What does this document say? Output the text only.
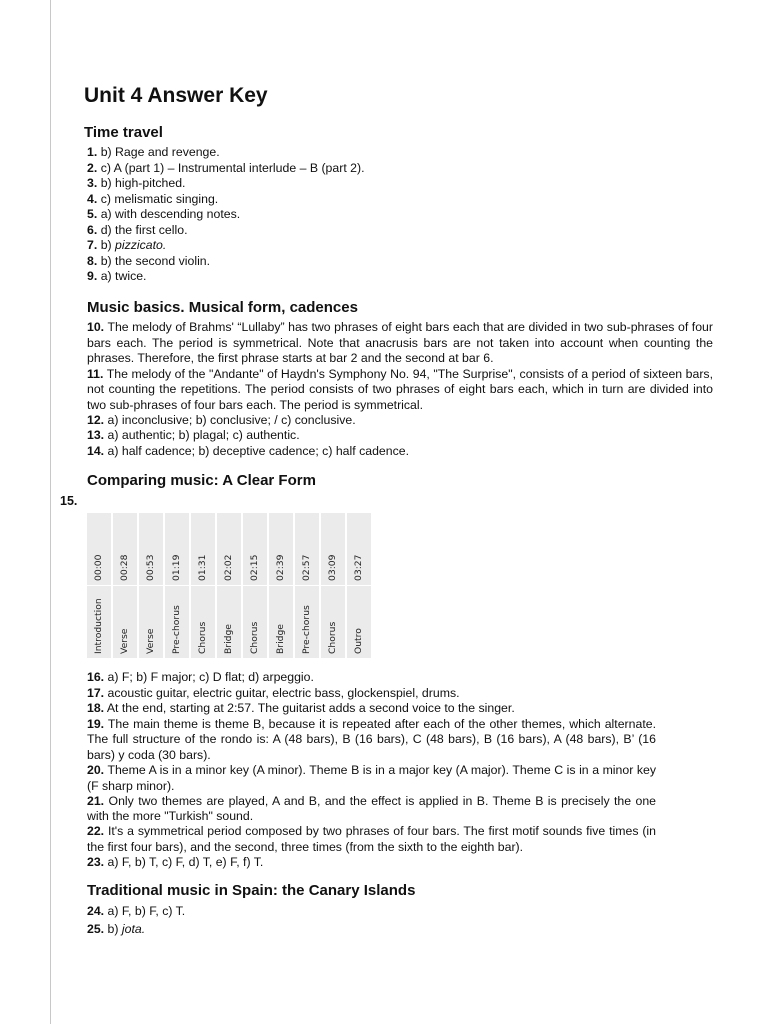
Unit 4 Answer Key
Time travel
1. b) Rage and revenge.
2. c) A (part 1) – Instrumental interlude – B (part 2).
3. b) high-pitched.
4. c) melismatic singing.
5. a) with descending notes.
6. d) the first cello.
7. b) pizzicato.
8. b) the second violin.
9. a) twice.
Music basics. Musical form, cadences
10. The melody of Brahms' “Lullaby” has two phrases of eight bars each that are divided in two sub-phrases of four bars each. The period is symmetrical. Note that anacrusis bars are not taken into account when counting the phrases. Therefore, the first phrase starts at bar 2 and the second at bar 6.
11. The melody of the "Andante" of Haydn's Symphony No. 94, "The Surprise", consists of a period of sixteen bars, not counting the repetitions. The period consists of two phrases of eight bars each, which in turn are divided into two sub-phrases of four bars each. The period is symmetrical.
12. a) inconclusive; b) conclusive; / c) conclusive.
13. a) authentic; b) plagal; c) authentic.
14. a) half cadence; b) deceptive cadence; c) half cadence.
Comparing music: A Clear Form
15.
00:00	00:28	00:53	01:19	01:31	02:02	02:15	02:39	02:57	03:09	03:27

Introduction	Verse	Verse	Pre-chorus	Chorus	Bridge	Chorus	Bridge	Pre-chorus	Chorus	Outro
16. a) F; b) F major; c) D flat; d) arpeggio.
17. acoustic guitar, electric guitar, electric bass, glockenspiel, drums.
18. At the end, starting at 2:57. The guitarist adds a second voice to the singer.
19. The main theme is theme B, because it is repeated after each of the other themes, which alternate. The full structure of the rondo is: A (48 bars), B (16 bars), C (48 bars), B (16 bars), A (48 bars), B’ (16 bars) y coda (30 bars).
20. Theme A is in a minor key (A minor). Theme B is in a major key (A major). Theme C is in a minor key (F sharp minor).
21. Only two themes are played, A and B, and the effect is applied in B. Theme B is precisely the one with the more "Turkish" sound.
22. It's a symmetrical period composed by two phrases of four bars. The first motif sounds five times (in the first four bars), and the second, three times (from the sixth to the eighth bar).
23. a) F, b) T, c) F, d) T, e) F, f) T.
Traditional music in Spain: the Canary Islands
24. a) F, b) F, c) T.
25. b) jota.
